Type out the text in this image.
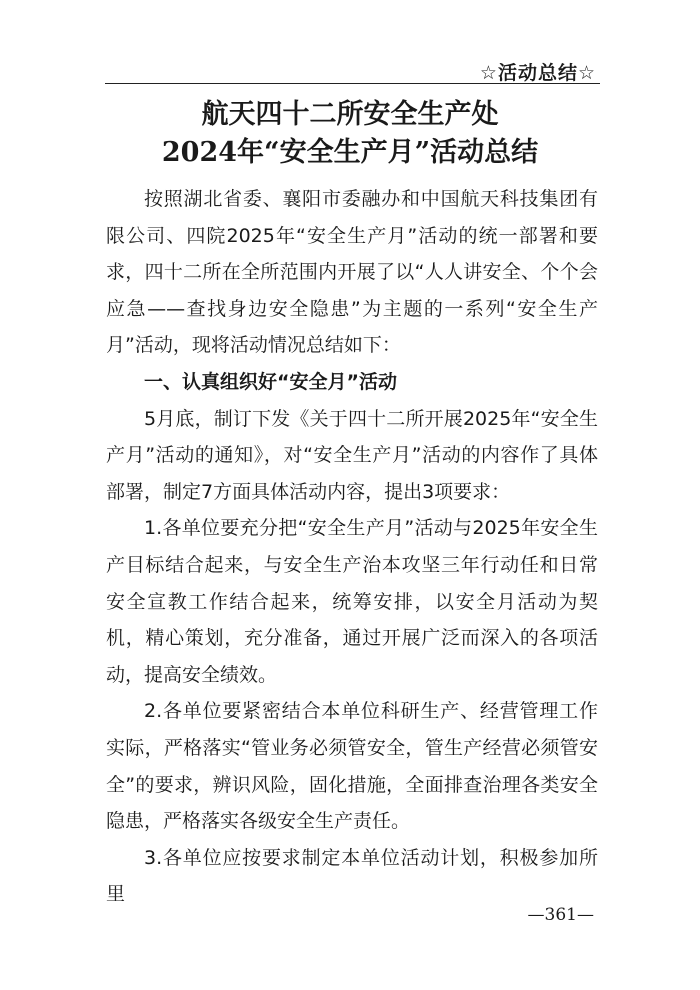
☆活动总结☆
航天四十二所安全生产处
2024年“安全生产月”活动总结

按照湖北省委、襄阳市委融办和中国航天科技集团有限公司、四院2025年“安全生产月”活动的统一部署和要求，四十二所在全所范围内开展了以“人人讲安全、个个会应急——查找身边安全隐患”为主题的一系列“安全生产月”活动，现将活动情况总结如下：

一、认真组织好“安全月”活动

5月底，制订下发《关于四十二所开展2025年“安全生产月”活动的通知》，对“安全生产月”活动的内容作了具体部署，制定7方面具体活动内容，提出3项要求：

1.各单位要充分把“安全生产月”活动与2025年安全生产目标结合起来，与安全生产治本攻坚三年行动任和日常安全宣教工作结合起来，统筹安排，以安全月活动为契机，精心策划，充分准备，通过开展广泛而深入的各项活动，提高安全绩效。

2.各单位要紧密结合本单位科研生产、经营管理工作实际，严格落实“管业务必须管安全，管生产经营必须管安全”的要求，辨识风险，固化措施，全面排查治理各类安全隐患，严格落实各级安全生产责任。

3.各单位应按要求制定本单位活动计划，积极参加所里

—361—
